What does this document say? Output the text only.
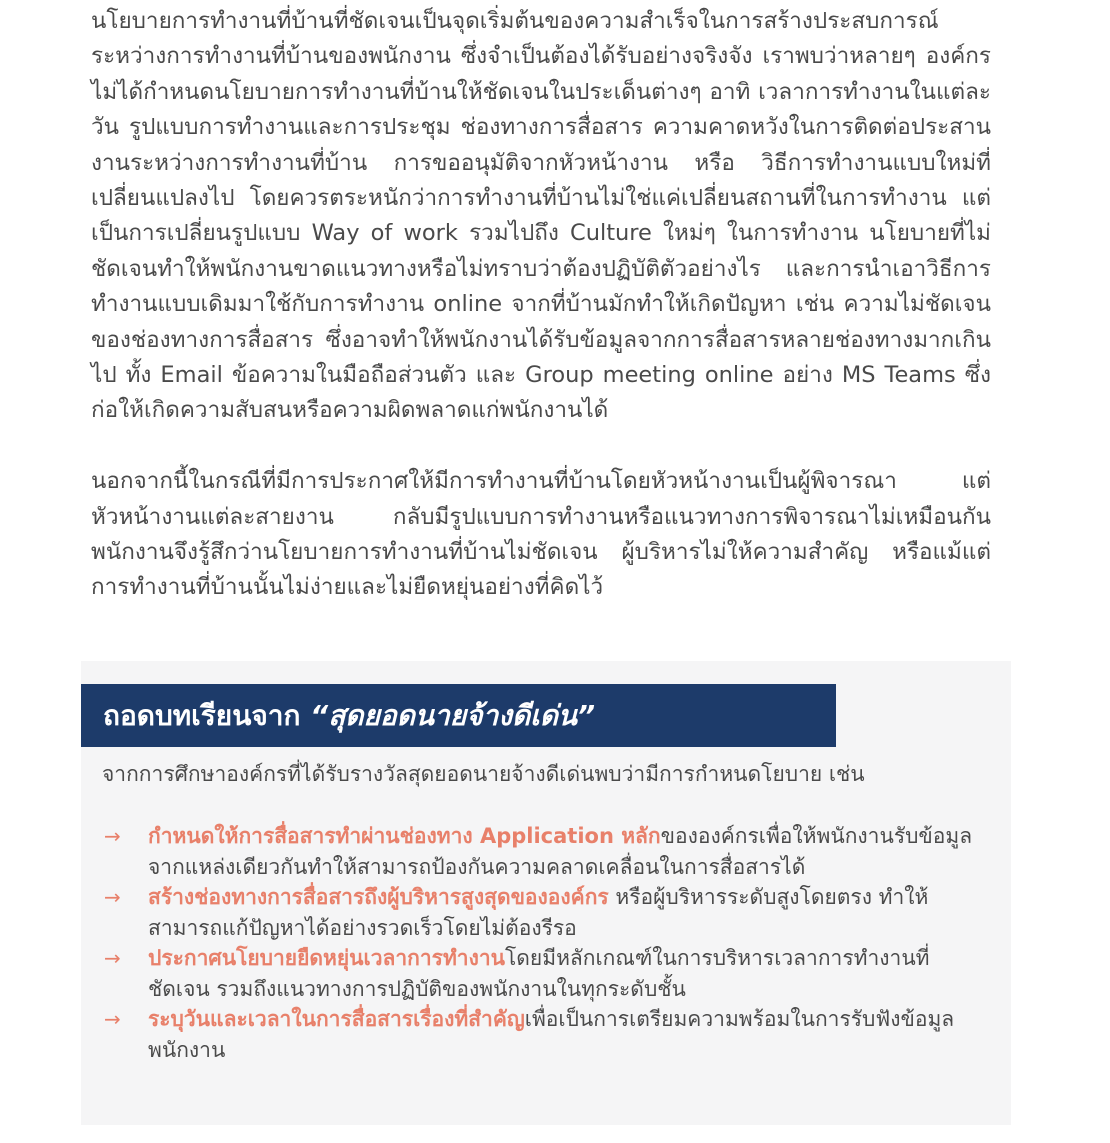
นโยบายการทำงานที่บ้านที่ชัดเจนเป็นจุดเริ่มต้นของความสำเร็จในการสร้างประสบการณ์ระหว่างการทำงานที่บ้านของพนักงาน ซึ่งจำเป็นต้องได้รับอย่างจริงจัง เราพบว่าหลายๆ องค์กรไม่ได้กำหนดนโยบายการทำงานที่บ้านให้ชัดเจนในประเด็นต่างๆ อาทิ เวลาการทำงานในแต่ละวัน รูปแบบการทำงานและการประชุม ช่องทางการสื่อสาร ความคาดหวังในการติดต่อประสานงานระหว่างการทำงานที่บ้าน การขออนุมัติจากหัวหน้างาน หรือ วิธีการทำงานแบบใหม่ที่เปลี่ยนแปลงไป โดยควรตระหนักว่าการทำงานที่บ้านไม่ใช่แค่เปลี่ยนสถานที่ในการทำงาน แต่เป็นการเปลี่ยนรูปแบบ Way of work รวมไปถึง Culture ใหม่ๆ ในการทำงาน นโยบายที่ไม่ชัดเจนทำให้พนักงานขาดแนวทางหรือไม่ทราบว่าต้องปฏิบัติตัวอย่างไร และการนำเอาวิธีการทำงานแบบเดิมมาใช้กับการทำงาน online จากที่บ้านมักทำให้เกิดปัญหา เช่น ความไม่ชัดเจนของช่องทางการสื่อสาร ซึ่งอาจทำให้พนักงานได้รับข้อมูลจากการสื่อสารหลายช่องทางมากเกินไป ทั้ง Email ข้อความในมือถือส่วนตัว และ Group meeting online อย่าง MS Teams ซึ่งก่อให้เกิดความสับสนหรือความผิดพลาดแก่พนักงานได้

นอกจากนี้ในกรณีที่มีการประกาศให้มีการทำงานที่บ้านโดยหัวหน้างานเป็นผู้พิจารณา แต่หัวหน้างานแต่ละสายงาน กลับมีรูปแบบการทำงานหรือแนวทางการพิจารณาไม่เหมือนกัน พนักงานจึงรู้สึกว่านโยบายการทำงานที่บ้านไม่ชัดเจน ผู้บริหารไม่ให้ความสำคัญ หรือแม้แต่การทำงานที่บ้านนั้นไม่ง่ายและไม่ยืดหยุ่นอย่างที่คิดไว้

ถอดบทเรียนจาก “สุดยอดนายจ้างดีเด่น”

จากการศึกษาองค์กรที่ได้รับรางวัลสุดยอดนายจ้างดีเด่นพบว่ามีการกำหนดโยบาย เช่น

→ กำหนดให้การสื่อสารทำผ่านช่องทาง Application หลักขององค์กรเพื่อให้พนักงานรับข้อมูลจากแหล่งเดียวกันทำให้สามารถป้องกันความคลาดเคลื่อนในการสื่อสารได้
→ สร้างช่องทางการสื่อสารถึงผู้บริหารสูงสุดขององค์กร หรือผู้บริหารระดับสูงโดยตรง ทำให้สามารถแก้ปัญหาได้อย่างรวดเร็วโดยไม่ต้องรีรอ
→ ประกาศนโยบายยืดหยุ่นเวลาการทำงานโดยมีหลักเกณฑ์ในการบริหารเวลาการทำงานที่ชัดเจน รวมถึงแนวทางการปฏิบัติของพนักงานในทุกระดับชั้น
→ ระบุวันและเวลาในการสื่อสารเรื่องที่สำคัญเพื่อเป็นการเตรียมความพร้อมในการรับฟังข้อมูลพนักงาน
